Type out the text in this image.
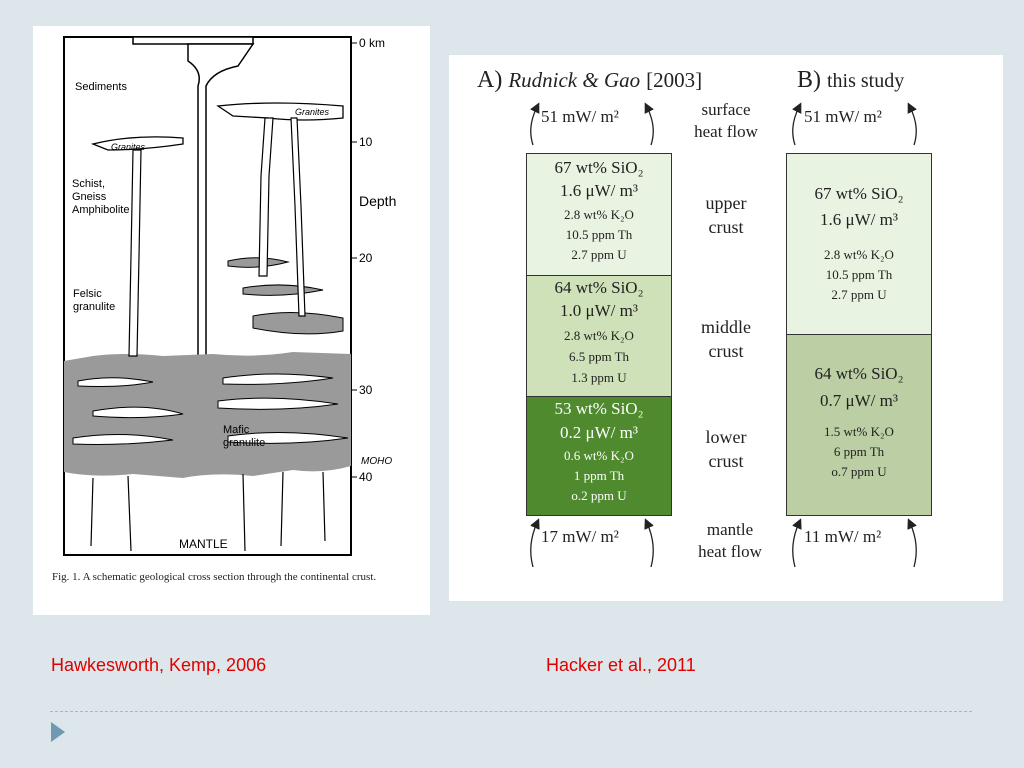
0 km
10
20
30
40
Depth
MOHO
Sediments
Granites
Granites
Schist,
Gneiss
Amphibolite
Felsic
granulite
Mafic
granulite
MANTLE
Fig. 1. A schematic geological cross section through the continental crust.
A) Rudnick & Gao [2003]	B) this study
51 mW/ m²	51 mW/ m²
17 mW/ m²	11 mW/ m²
surface
heat flow
mantle
heat flow
upper
crust
middle
crust
lower
crust
67 wt% SiO₂
1.6 μW/ m³
2.8 wt% K₂O
10.5 ppm Th
2.7 ppm U
64 wt% SiO₂
1.0 μW/ m³
2.8 wt% K₂O
6.5 ppm Th
1.3 ppm U
53 wt% SiO₂
0.2 μW/ m³
0.6 wt% K₂O
1 ppm Th
o.2 ppm U
67 wt% SiO₂
1.6 μW/ m³
2.8 wt% K₂O
10.5 ppm Th
2.7 ppm U
64 wt% SiO₂
0.7 μW/ m³
1.5 wt% K₂O
6 ppm Th
o.7 ppm U
Hawkesworth, Kemp, 2006	Hacker et al., 2011
